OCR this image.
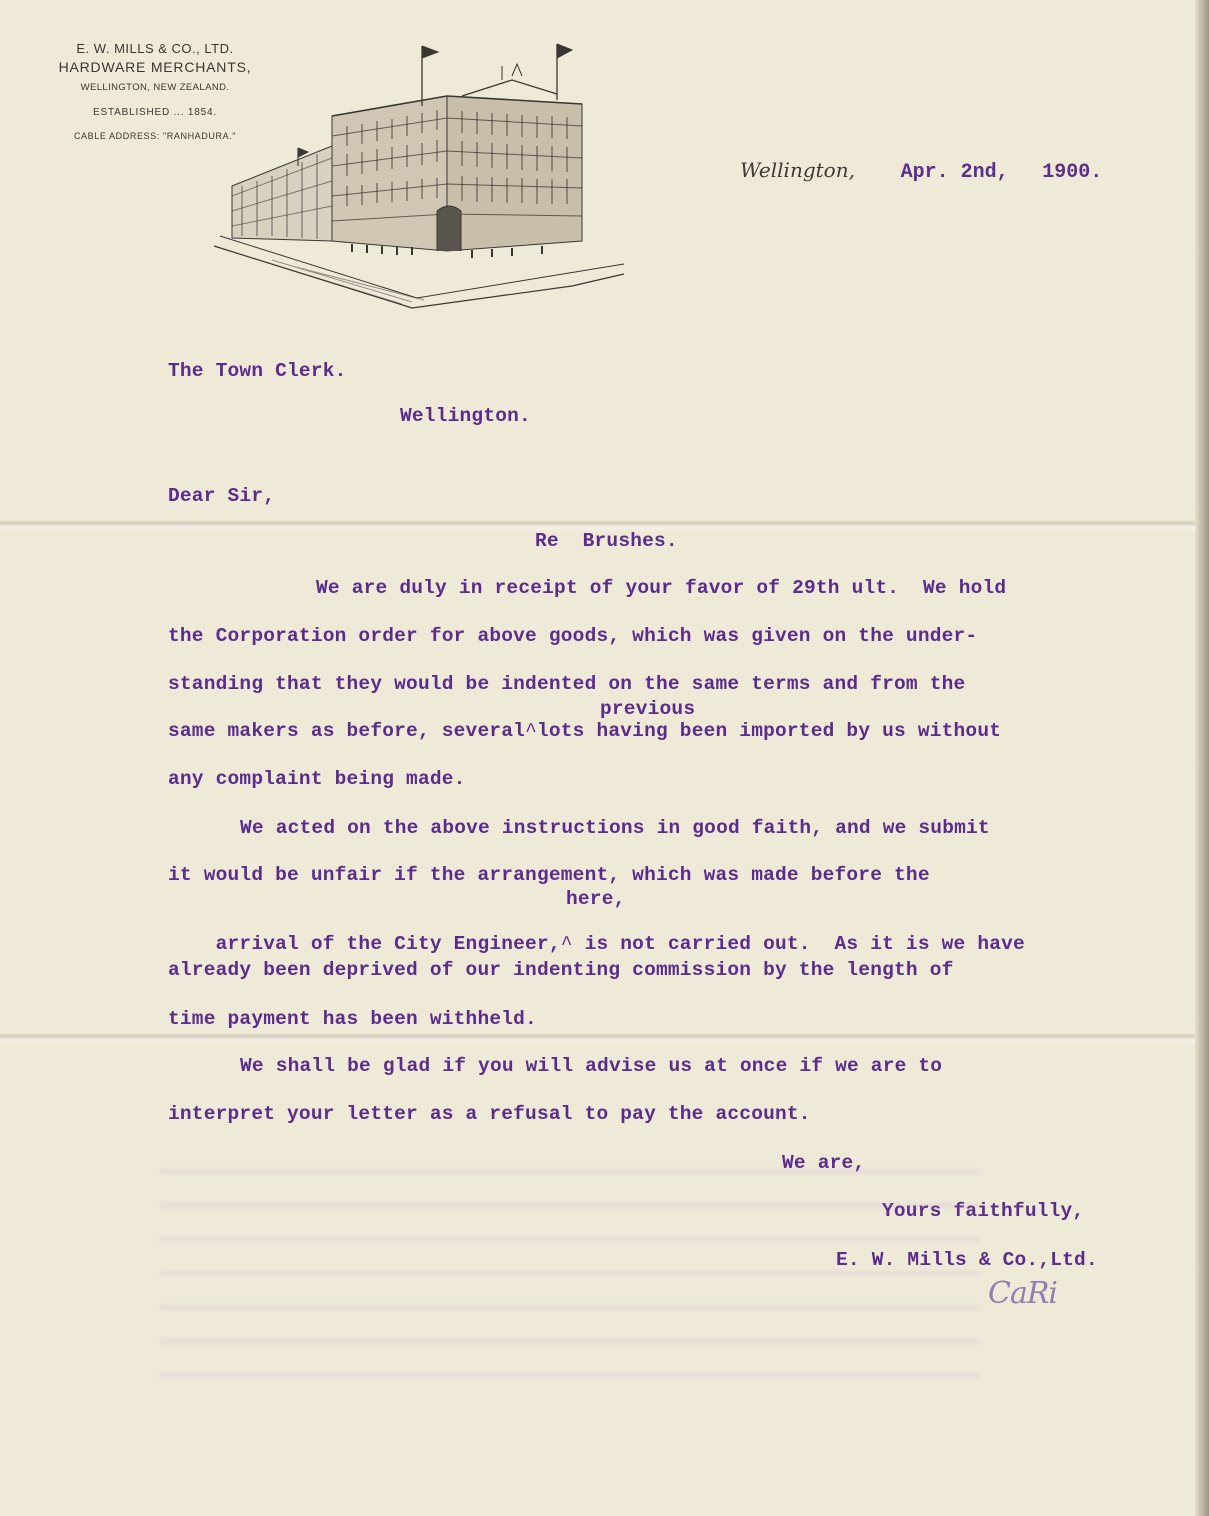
E. W. MILLS & CO., LTD.
HARDWARE MERCHANTS,
WELLINGTON, NEW ZEALAND.
ESTABLISHED ... 1854.
CABLE ADDRESS: "RANHADURA."
Wellington, Apr. 2nd, 1900.
The Town Clerk.
Wellington.
Dear Sir,
Re  Brushes.
We are duly in receipt of your favor of 29th ult.  We hold
the Corporation order for above goods, which was given on the under-
standing that they would be indented on the same terms and from the
previous
same makers as before, several^lots having been imported by us without
any complaint being made.
We acted on the above instructions in good faith, and we submit
it would be unfair if the arrangement, which was made before the
here,

arrival of the City Engineer,^ is not carried out.  As it is we have

already been deprived of our indenting commission by the length of
time payment has been withheld.
We shall be glad if you will advise us at once if we are to
interpret your letter as a refusal to pay the account.
We are,
Yours faithfully,
E. W. Mills & Co.,Ltd.
CaRi
